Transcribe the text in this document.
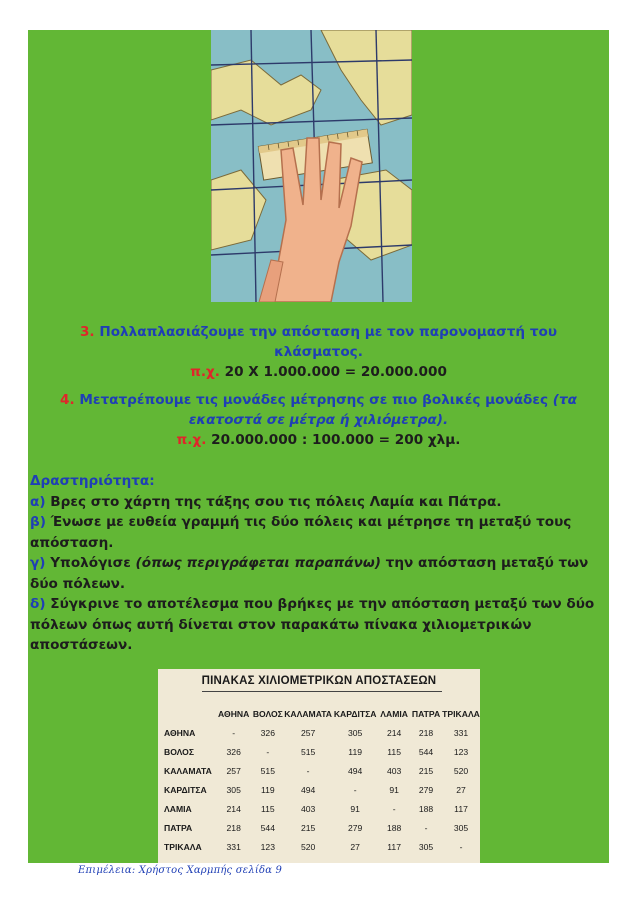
3. Πολλαπλασιάζουμε την απόσταση με τον παρονομαστή του
κλάσματος.
π.χ. 20 X 1.000.000 = 20.000.000
4. Μετατρέπουμε τις μονάδες μέτρησης σε πιο βολικές μονάδες (τα
εκατοστά σε μέτρα ή χιλιόμετρα).
π.χ. 20.000.000 : 100.000 = 200 χλμ.
Δραστηριότητα:
α) Βρες στο χάρτη της τάξης σου τις πόλεις Λαμία και Πάτρα.
β) Ένωσε με ευθεία γραμμή τις δύο πόλεις και μέτρησε τη μεταξύ τους απόσταση.
γ) Υπολόγισε (όπως περιγράφεται παραπάνω) την απόσταση μεταξύ των δύο πόλεων.
δ) Σύγκρινε το αποτέλεσμα που βρήκες με την απόσταση μεταξύ των δύο πόλεων όπως αυτή δίνεται στον παρακάτω πίνακα χιλιομετρικών αποστάσεων.
ΠΙΝΑΚΑΣ ΧΙΛΙΟΜΕΤΡΙΚΩΝ ΑΠΟΣΤΑΣΕΩΝ
	ΑΘΗΝΑ	ΒΟΛΟΣ	ΚΑΛΑΜΑΤΑ	ΚΑΡΔΙΤΣΑ	ΛΑΜΙΑ	ΠΑΤΡΑ	ΤΡΙΚΑΛΑ
ΑΘΗΝΑ	-	326	257	305	214	218	331
ΒΟΛΟΣ	326	-	515	119	115	544	123
ΚΑΛΑΜΑΤΑ	257	515	-	494	403	215	520
ΚΑΡΔΙΤΣΑ	305	119	494	-	91	279	27
ΛΑΜΙΑ	214	115	403	91	-	188	117
ΠΑΤΡΑ	218	544	215	279	188	-	305
ΤΡΙΚΑΛΑ	331	123	520	27	117	305	-
Επιμέλεια: Χρήστος Χαρμπής σελίδα 9
